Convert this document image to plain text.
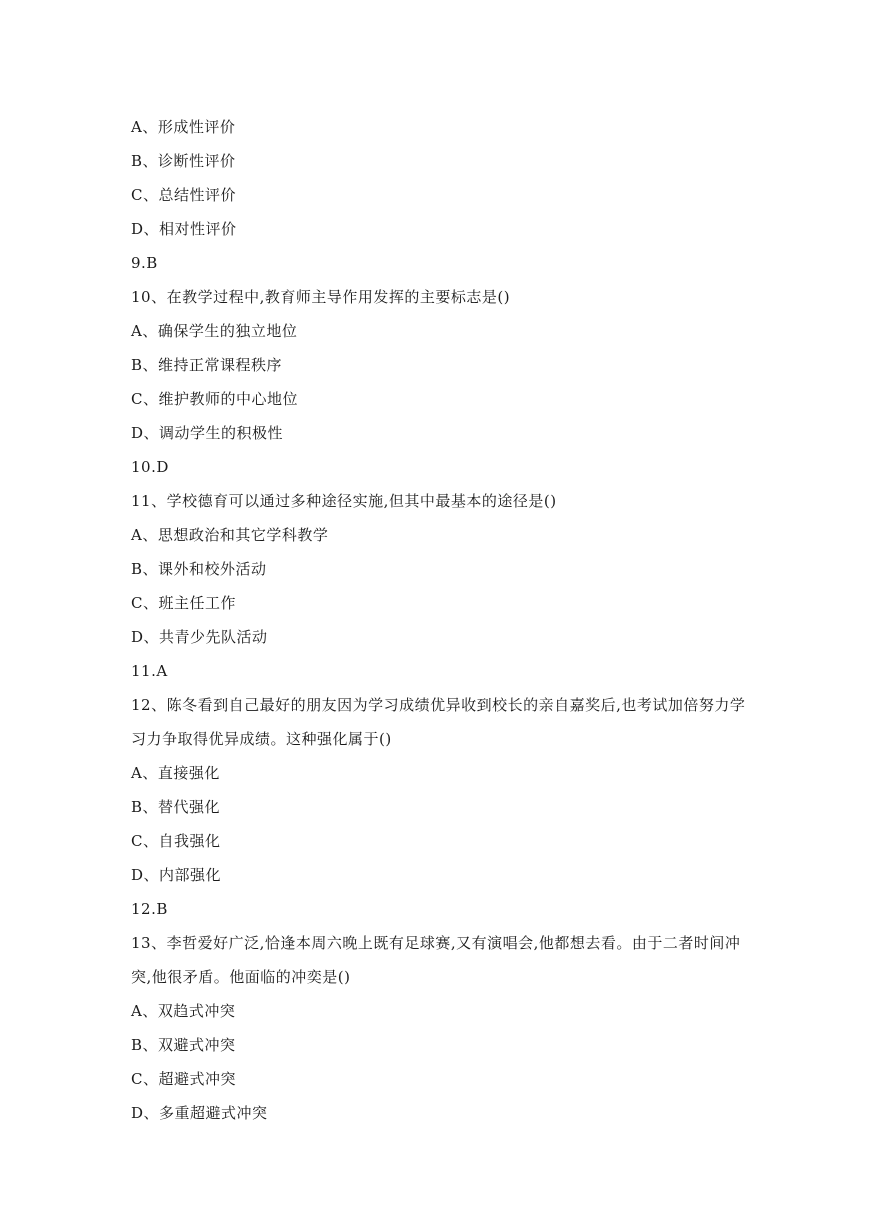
A、形成性评价
B、诊断性评价
C、总结性评价
D、相对性评价
9.B
10、在教学过程中,教育师主导作用发挥的主要标志是()
A、确保学生的独立地位
B、维持正常课程秩序
C、维护教师的中心地位
D、调动学生的积极性
10.D
11、学校德育可以通过多种途径实施,但其中最基本的途径是()
A、思想政治和其它学科教学
B、课外和校外活动
C、班主任工作
D、共青少先队活动
11.A
12、陈冬看到自己最好的朋友因为学习成绩优异收到校长的亲自嘉奖后,也考试加倍努力学
习力争取得优异成绩。这种强化属于()
A、直接强化
B、替代强化
C、自我强化
D、内部强化
12.B
13、李哲爱好广泛,恰逢本周六晚上既有足球赛,又有演唱会,他都想去看。由于二者时间冲
突,他很矛盾。他面临的冲奕是()
A、双趋式冲突
B、双避式冲突
C、超避式冲突
D、多重超避式冲突
